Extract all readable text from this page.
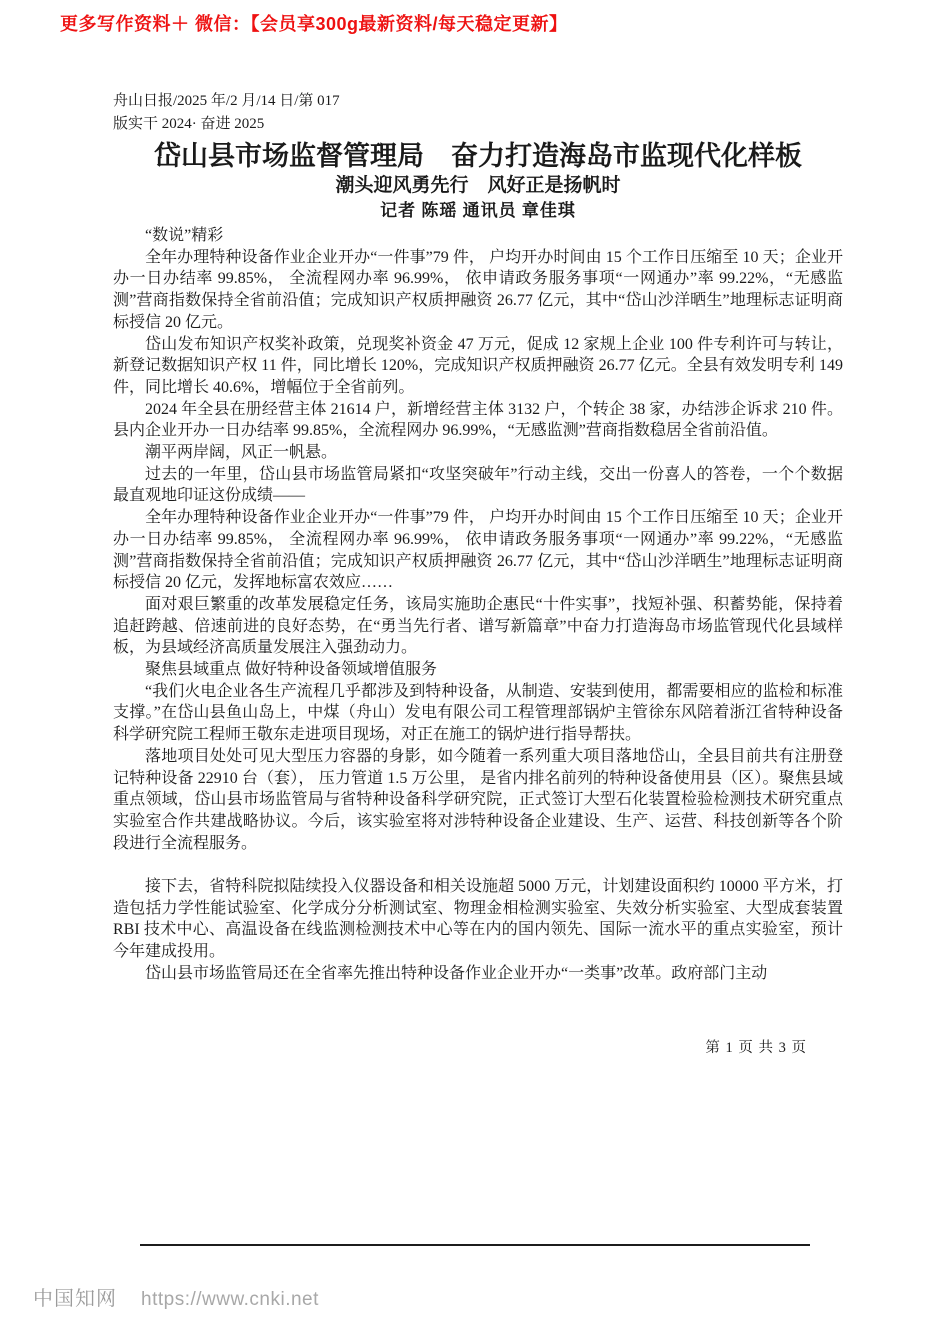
更多写作资料＋ 微信：【会员享300g最新资料/每天稳定更新】
舟山日报/2025 年/2 月/14 日/第 017
版实干 2024· 奋进 2025
岱山县市场监督管理局　奋力打造海岛市监现代化样板
潮头迎风勇先行　风好正是扬帆时
记者 陈瑶 通讯员 章佳琪

“数说”精彩

全年办理特种设备作业企业开办“一件事”79 件， 户均开办时间由 15 个工作日压缩至 10 天；企业开办一日办结率 99.85%， 全流程网办率 96.99%， 依申请政务服务事项“一网通办”率 99.22%，“无感监测”营商指数保持全省前沿值；完成知识产权质押融资 26.77 亿元，其中“岱山沙洋晒生”地理标志证明商标授信 20 亿元。

岱山发布知识产权奖补政策，兑现奖补资金 47 万元，促成 12 家规上企业 100 件专利许可与转让，新登记数据知识产权 11 件，同比增长 120%，完成知识产权质押融资 26.77 亿元。全县有效发明专利 149 件，同比增长 40.6%，增幅位于全省前列。

2024 年全县在册经营主体 21614 户，新增经营主体 3132 户，个转企 38 家，办结涉企诉求 210 件。县内企业开办一日办结率 99.85%，全流程网办 96.99%，“无感监测”营商指数稳居全省前沿值。

潮平两岸阔，风正一帆悬。

过去的一年里，岱山县市场监管局紧扣“攻坚突破年”行动主线，交出一份喜人的答卷，一个个数据最直观地印证这份成绩——

全年办理特种设备作业企业开办“一件事”79 件， 户均开办时间由 15 个工作日压缩至 10 天；企业开办一日办结率 99.85%， 全流程网办率 96.99%， 依申请政务服务事项“一网通办”率 99.22%，“无感监测”营商指数保持全省前沿值；完成知识产权质押融资 26.77 亿元，其中“岱山沙洋晒生”地理标志证明商标授信 20 亿元，发挥地标富农效应……

面对艰巨繁重的改革发展稳定任务，该局实施助企惠民“十件实事”，找短补强、积蓄势能，保持着追赶跨越、倍速前进的良好态势，在“勇当先行者、谱写新篇章”中奋力打造海岛市场监管现代化县域样板，为县域经济高质量发展注入强劲动力。

聚焦县域重点 做好特种设备领域增值服务

“我们火电企业各生产流程几乎都涉及到特种设备，从制造、安装到使用，都需要相应的监检和标准支撑。”在岱山县鱼山岛上，中煤（舟山）发电有限公司工程管理部锅炉主管徐东风陪着浙江省特种设备科学研究院工程师王敬东走进项目现场，对正在施工的锅炉进行指导帮扶。

落地项目处处可见大型压力容器的身影，如今随着一系列重大项目落地岱山，全县目前共有注册登记特种设备 22910 台（套）， 压力管道 1.5 万公里， 是省内排名前列的特种设备使用县（区）。聚焦县域重点领域，岱山县市场监管局与省特种设备科学研究院，正式签订大型石化装置检验检测技术研究重点实验室合作共建战略协议。今后，该实验室将对涉特种设备企业建设、生产、运营、科技创新等各个阶段进行全流程服务。

接下去，省特科院拟陆续投入仪器设备和相关设施超 5000 万元，计划建设面积约 10000 平方米，打造包括力学性能试验室、化学成分分析测试室、物理金相检测实验室、失效分析实验室、大型成套装置 RBI 技术中心、高温设备在线监测检测技术中心等在内的国内领先、国际一流水平的重点实验室，预计今年建成投用。

岱山县市场监管局还在全省率先推出特种设备作业企业开办“一类事”改革。政府部门主动

第 1 页 共 3 页
中国知网 https://www.cnki.net
